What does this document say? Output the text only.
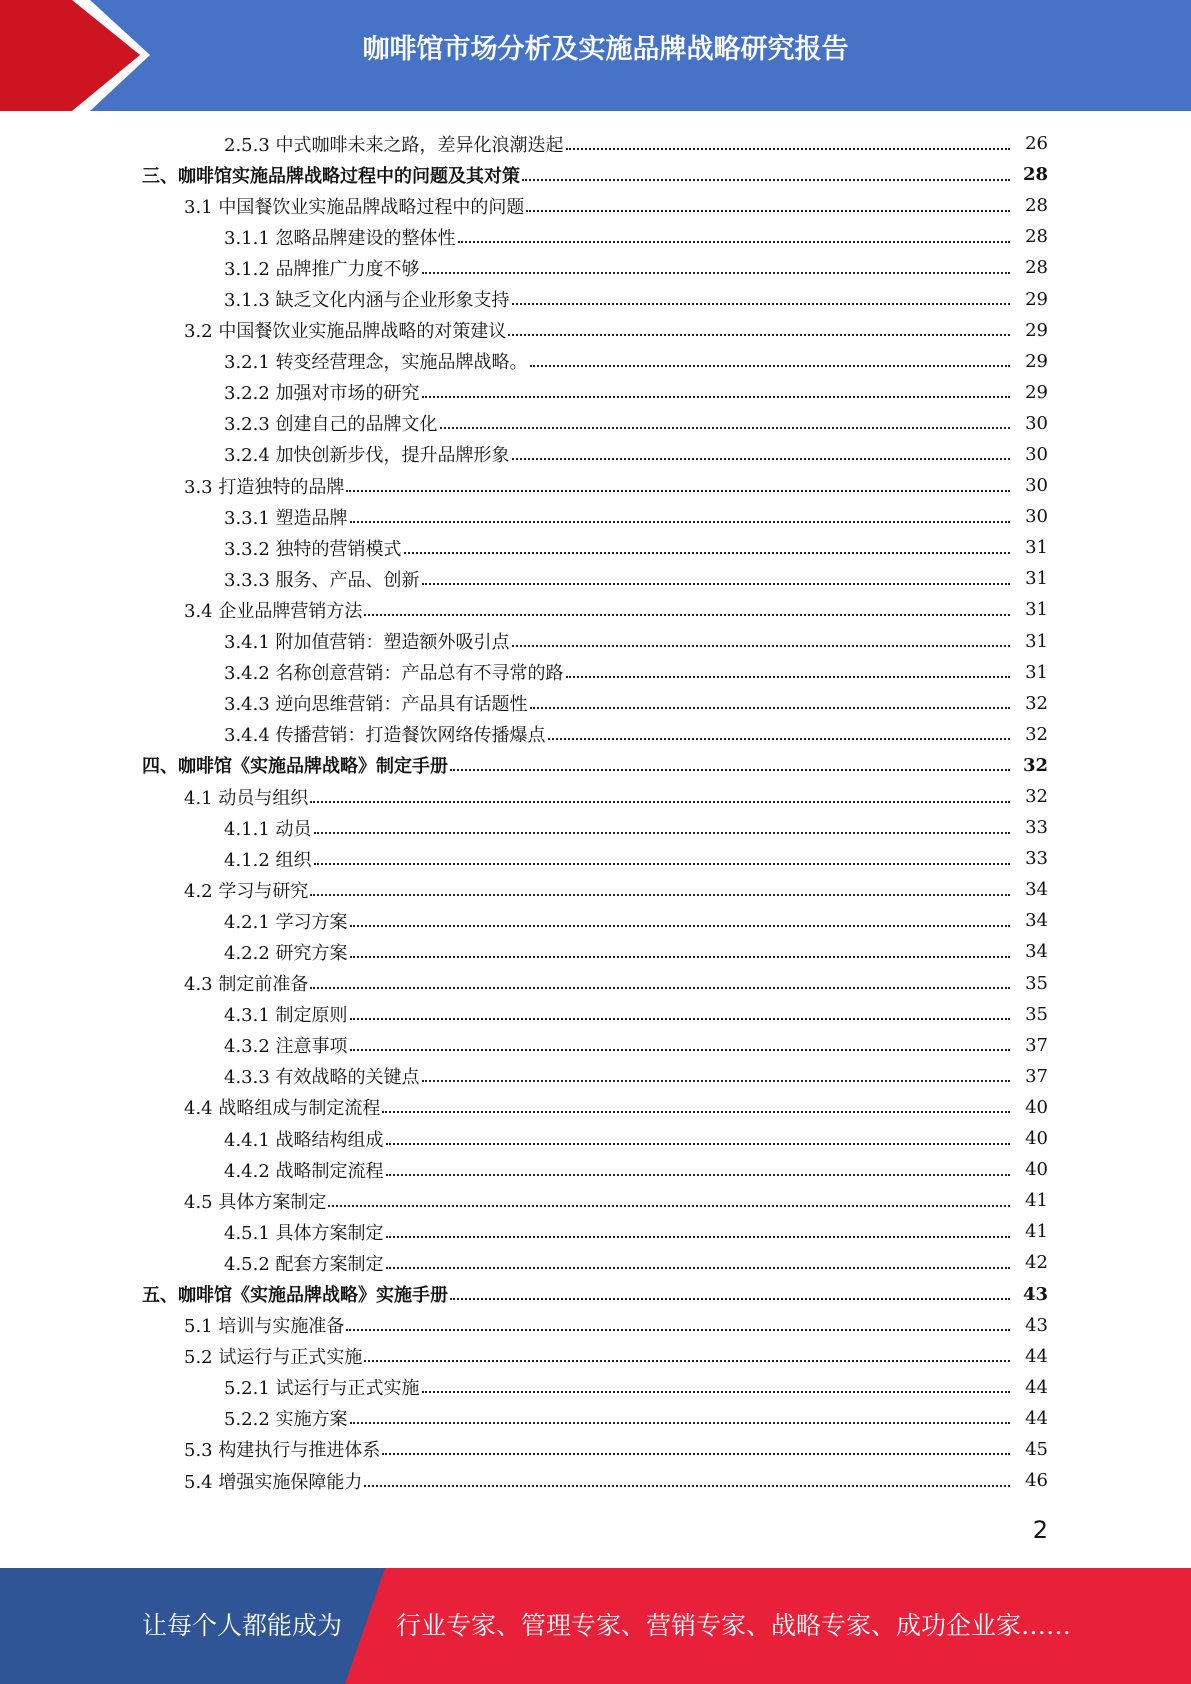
咖啡馆市场分析及实施品牌战略研究报告
2.5.3 中式咖啡未来之路，差异化浪潮迭起	26
三、咖啡馆实施品牌战略过程中的问题及其对策	28
3.1 中国餐饮业实施品牌战略过程中的问题	28
3.1.1 忽略品牌建设的整体性	28
3.1.2 品牌推广力度不够	28
3.1.3 缺乏文化内涵与企业形象支持	29
3.2 中国餐饮业实施品牌战略的对策建议	29
3.2.1 转变经营理念，实施品牌战略。	29
3.2.2 加强对市场的研究	29
3.2.3 创建自己的品牌文化	30
3.2.4 加快创新步伐，提升品牌形象	30
3.3 打造独特的品牌	30
3.3.1 塑造品牌	30
3.3.2 独特的营销模式	31
3.3.3 服务、产品、创新	31
3.4 企业品牌营销方法	31
3.4.1 附加值营销：塑造额外吸引点	31
3.4.2 名称创意营销：产品总有不寻常的路	31
3.4.3 逆向思维营销：产品具有话题性	32
3.4.4 传播营销：打造餐饮网络传播爆点	32
四、咖啡馆《实施品牌战略》制定手册	32
4.1 动员与组织	32
4.1.1 动员	33
4.1.2 组织	33
4.2 学习与研究	34
4.2.1 学习方案	34
4.2.2 研究方案	34
4.3 制定前准备	35
4.3.1 制定原则	35
4.3.2 注意事项	37
4.3.3 有效战略的关键点	37
4.4 战略组成与制定流程	40
4.4.1 战略结构组成	40
4.4.2 战略制定流程	40
4.5 具体方案制定	41
4.5.1 具体方案制定	41
4.5.2 配套方案制定	42
五、咖啡馆《实施品牌战略》实施手册	43
5.1 培训与实施准备	43
5.2 试运行与正式实施	44
5.2.1 试运行与正式实施	44
5.2.2 实施方案	44
5.3 构建执行与推进体系	45
5.4 增强实施保障能力	46
2
让每个人都能成为 行业专家、管理专家、营销专家、战略专家、成功企业家……
